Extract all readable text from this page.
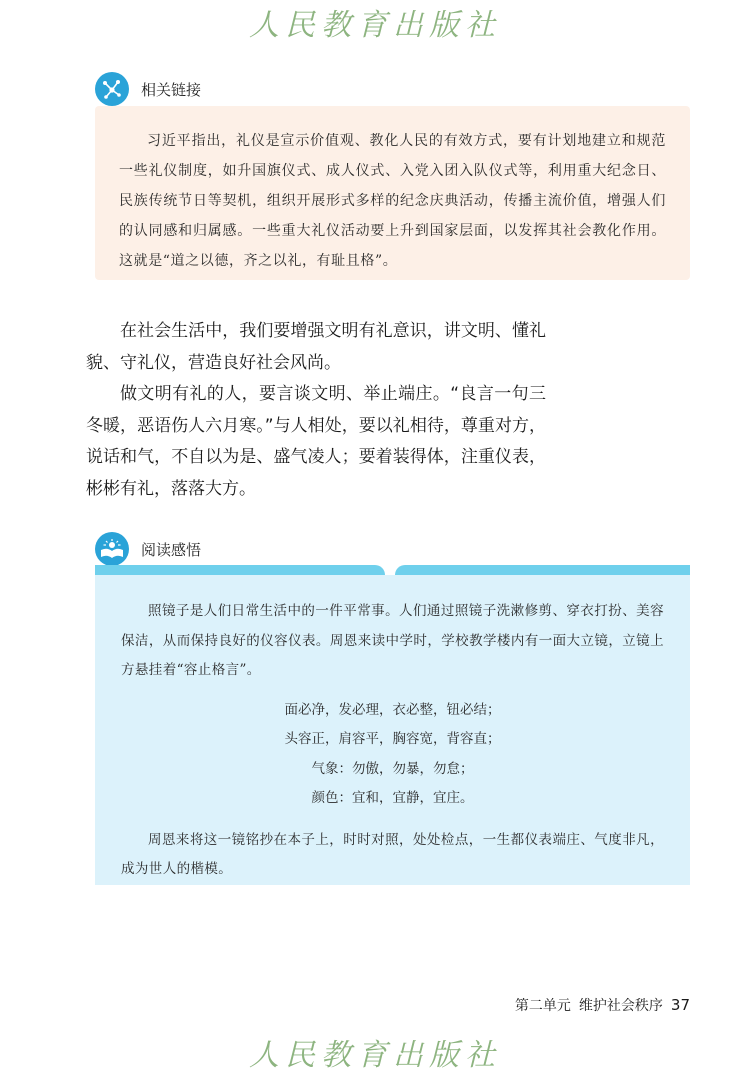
人民教育出版社
相关链接
习近平指出，礼仪是宣示价值观、教化人民的有效方式，要有计划地建立和规范一些礼仪制度，如升国旗仪式、成人仪式、入党入团入队仪式等，利用重大纪念日、民族传统节日等契机，组织开展形式多样的纪念庆典活动，传播主流价值，增强人们的认同感和归属感。一些重大礼仪活动要上升到国家层面，以发挥其社会教化作用。这就是“道之以德，齐之以礼，有耻且格”。

在社会生活中，我们要增强文明有礼意识，讲文明、懂礼貌、守礼仪，营造良好社会风尚。

做文明有礼的人，要言谈文明、举止端庄。“良言一句三冬暖，恶语伤人六月寒。”与人相处，要以礼相待，尊重对方，说话和气，不自以为是、盛气凌人；要着装得体，注重仪表，彬彬有礼，落落大方。

阅读感悟

照镜子是人们日常生活中的一件平常事。人们通过照镜子洗漱修剪、穿衣打扮、美容保洁，从而保持良好的仪容仪表。周恩来读中学时，学校教学楼内有一面大立镜，立镜上方悬挂着“容止格言”。

面必净，发必理，衣必整，钮必结；
头容正，肩容平，胸容宽，背容直；
气象：勿傲，勿暴，勿怠；
颜色：宜和，宜静，宜庄。

周恩来将这一镜铭抄在本子上，时时对照，处处检点，一生都仪表端庄、气度非凡，成为世人的楷模。

第二单元 维护社会秩序 37
人民教育出版社
